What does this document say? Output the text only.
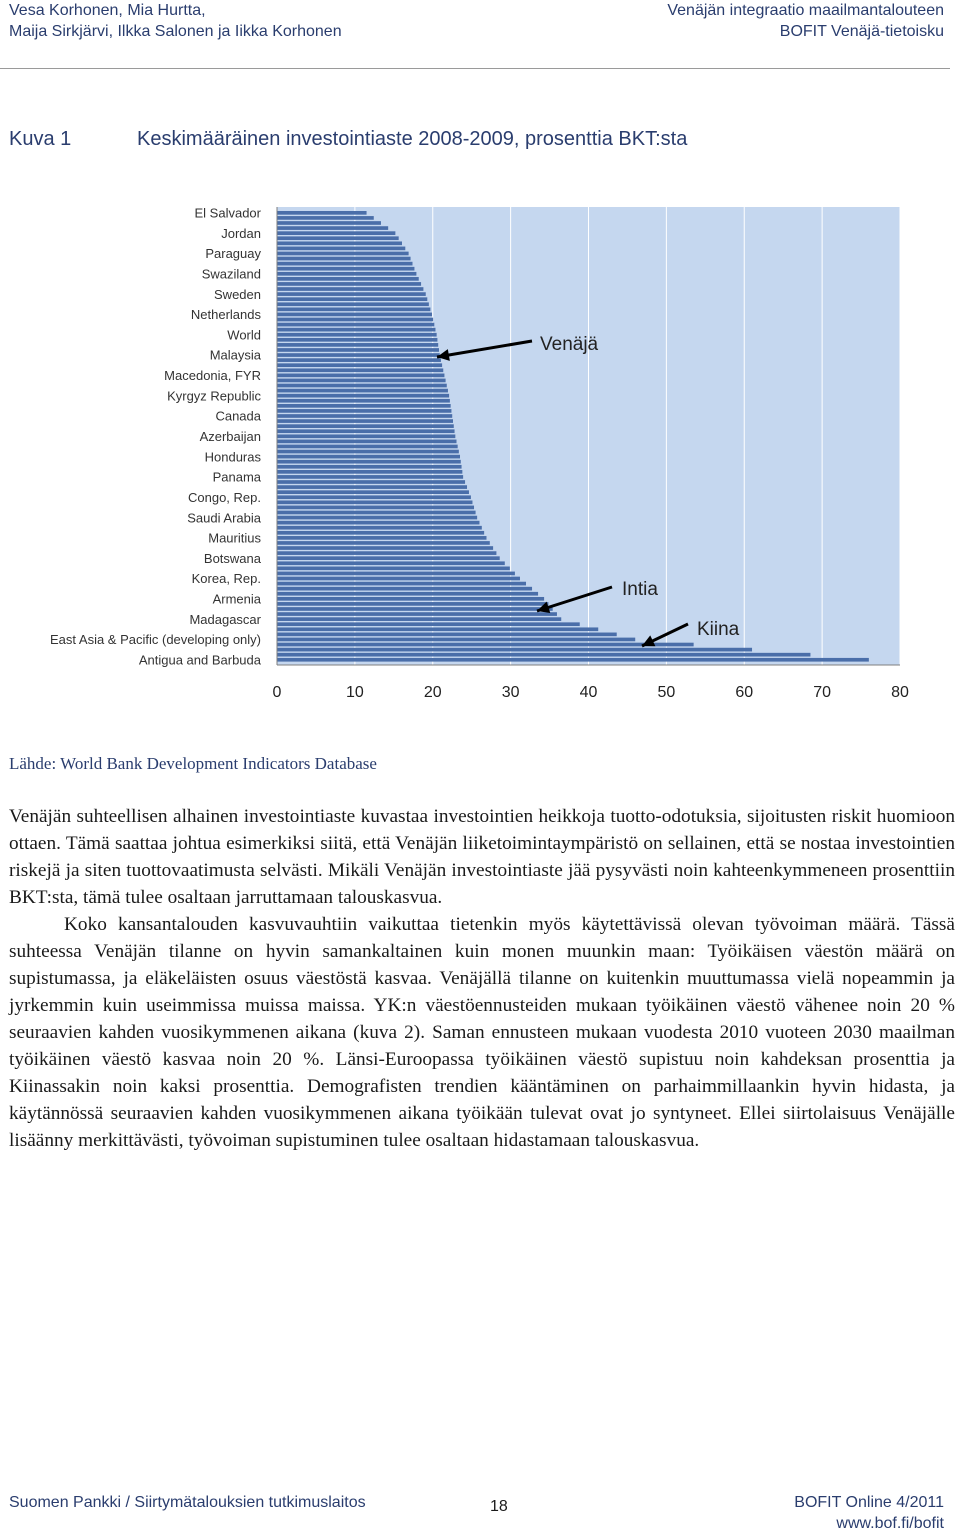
Vesa Korhonen, Mia Hurtta,
Maija Sirkjärvi, Ilkka Salonen ja Iikka Korhonen
Venäjän integraatio maailmantalouteen
BOFIT Venäjä-tietoisku
Kuva 1	Keskimääräinen investointiaste 2008-2009, prosenttia BKT:sta
El Salvador
Jordan
Paraguay
Swaziland
Sweden
Netherlands
World
Malaysia
Macedonia, FYR
Kyrgyz Republic
Canada
Azerbaijan
Honduras
Panama
Congo, Rep.
Saudi Arabia
Mauritius
Botswana
Korea, Rep.
Armenia
Madagascar
East Asia & Pacific (developing only)
Antigua and Barbuda
0	10	20	30	40	50	60	70	80
Venäjä
Intia
Kiina
Lähde: World Bank Development Indicators Database

Venäjän suhteellisen alhainen investointiaste kuvastaa investointien heikkoja tuotto-odotuksia, sijoitusten riskit huomioon ottaen. Tämä saattaa johtua esimerkiksi siitä, että Venäjän liiketoimintaympäristö on sellainen, että se nostaa investointien riskejä ja siten tuottovaatimusta selvästi. Mikäli Venäjän investointiaste jää pysyvästi noin kahteenkymmeneen prosenttiin BKT:sta, tämä tulee osaltaan jarruttamaan talouskasvua.

Koko kansantalouden kasvuvauhtiin vaikuttaa tietenkin myös käytettävissä olevan työvoiman määrä. Tässä suhteessa Venäjän tilanne on hyvin samankaltainen kuin monen muunkin maan: Työikäisen väestön määrä on supistumassa, ja eläkeläisten osuus väestöstä kasvaa. Venäjällä tilanne on kuitenkin muuttumassa vielä nopeammin ja jyrkemmin kuin useimmissa muissa maissa. YK:n väestöennusteiden mukaan työikäinen väestö vähenee noin 20 % seuraavien kahden vuosikymmenen aikana (kuva 2). Saman ennusteen mukaan vuodesta 2010 vuoteen 2030 maailman työikäinen väestö kasvaa noin 20 %. Länsi-Euroopassa työikäinen väestö supistuu noin kahdeksan prosenttia ja Kiinassakin noin kaksi prosenttia. Demografisten trendien kääntäminen on parhaimmillaankin hyvin hidasta, ja käytännössä seuraavien kahden vuosikymmenen aikana työikään tulevat ovat jo syntyneet. Ellei siirtolaisuus Venäjälle lisäänny merkittävästi, työvoiman supistuminen tulee osaltaan hidastamaan talouskasvua.

Suomen Pankki / Siirtymätalouksien tutkimuslaitos	18	BOFIT Online 4/2011
www.bof.fi/bofit
